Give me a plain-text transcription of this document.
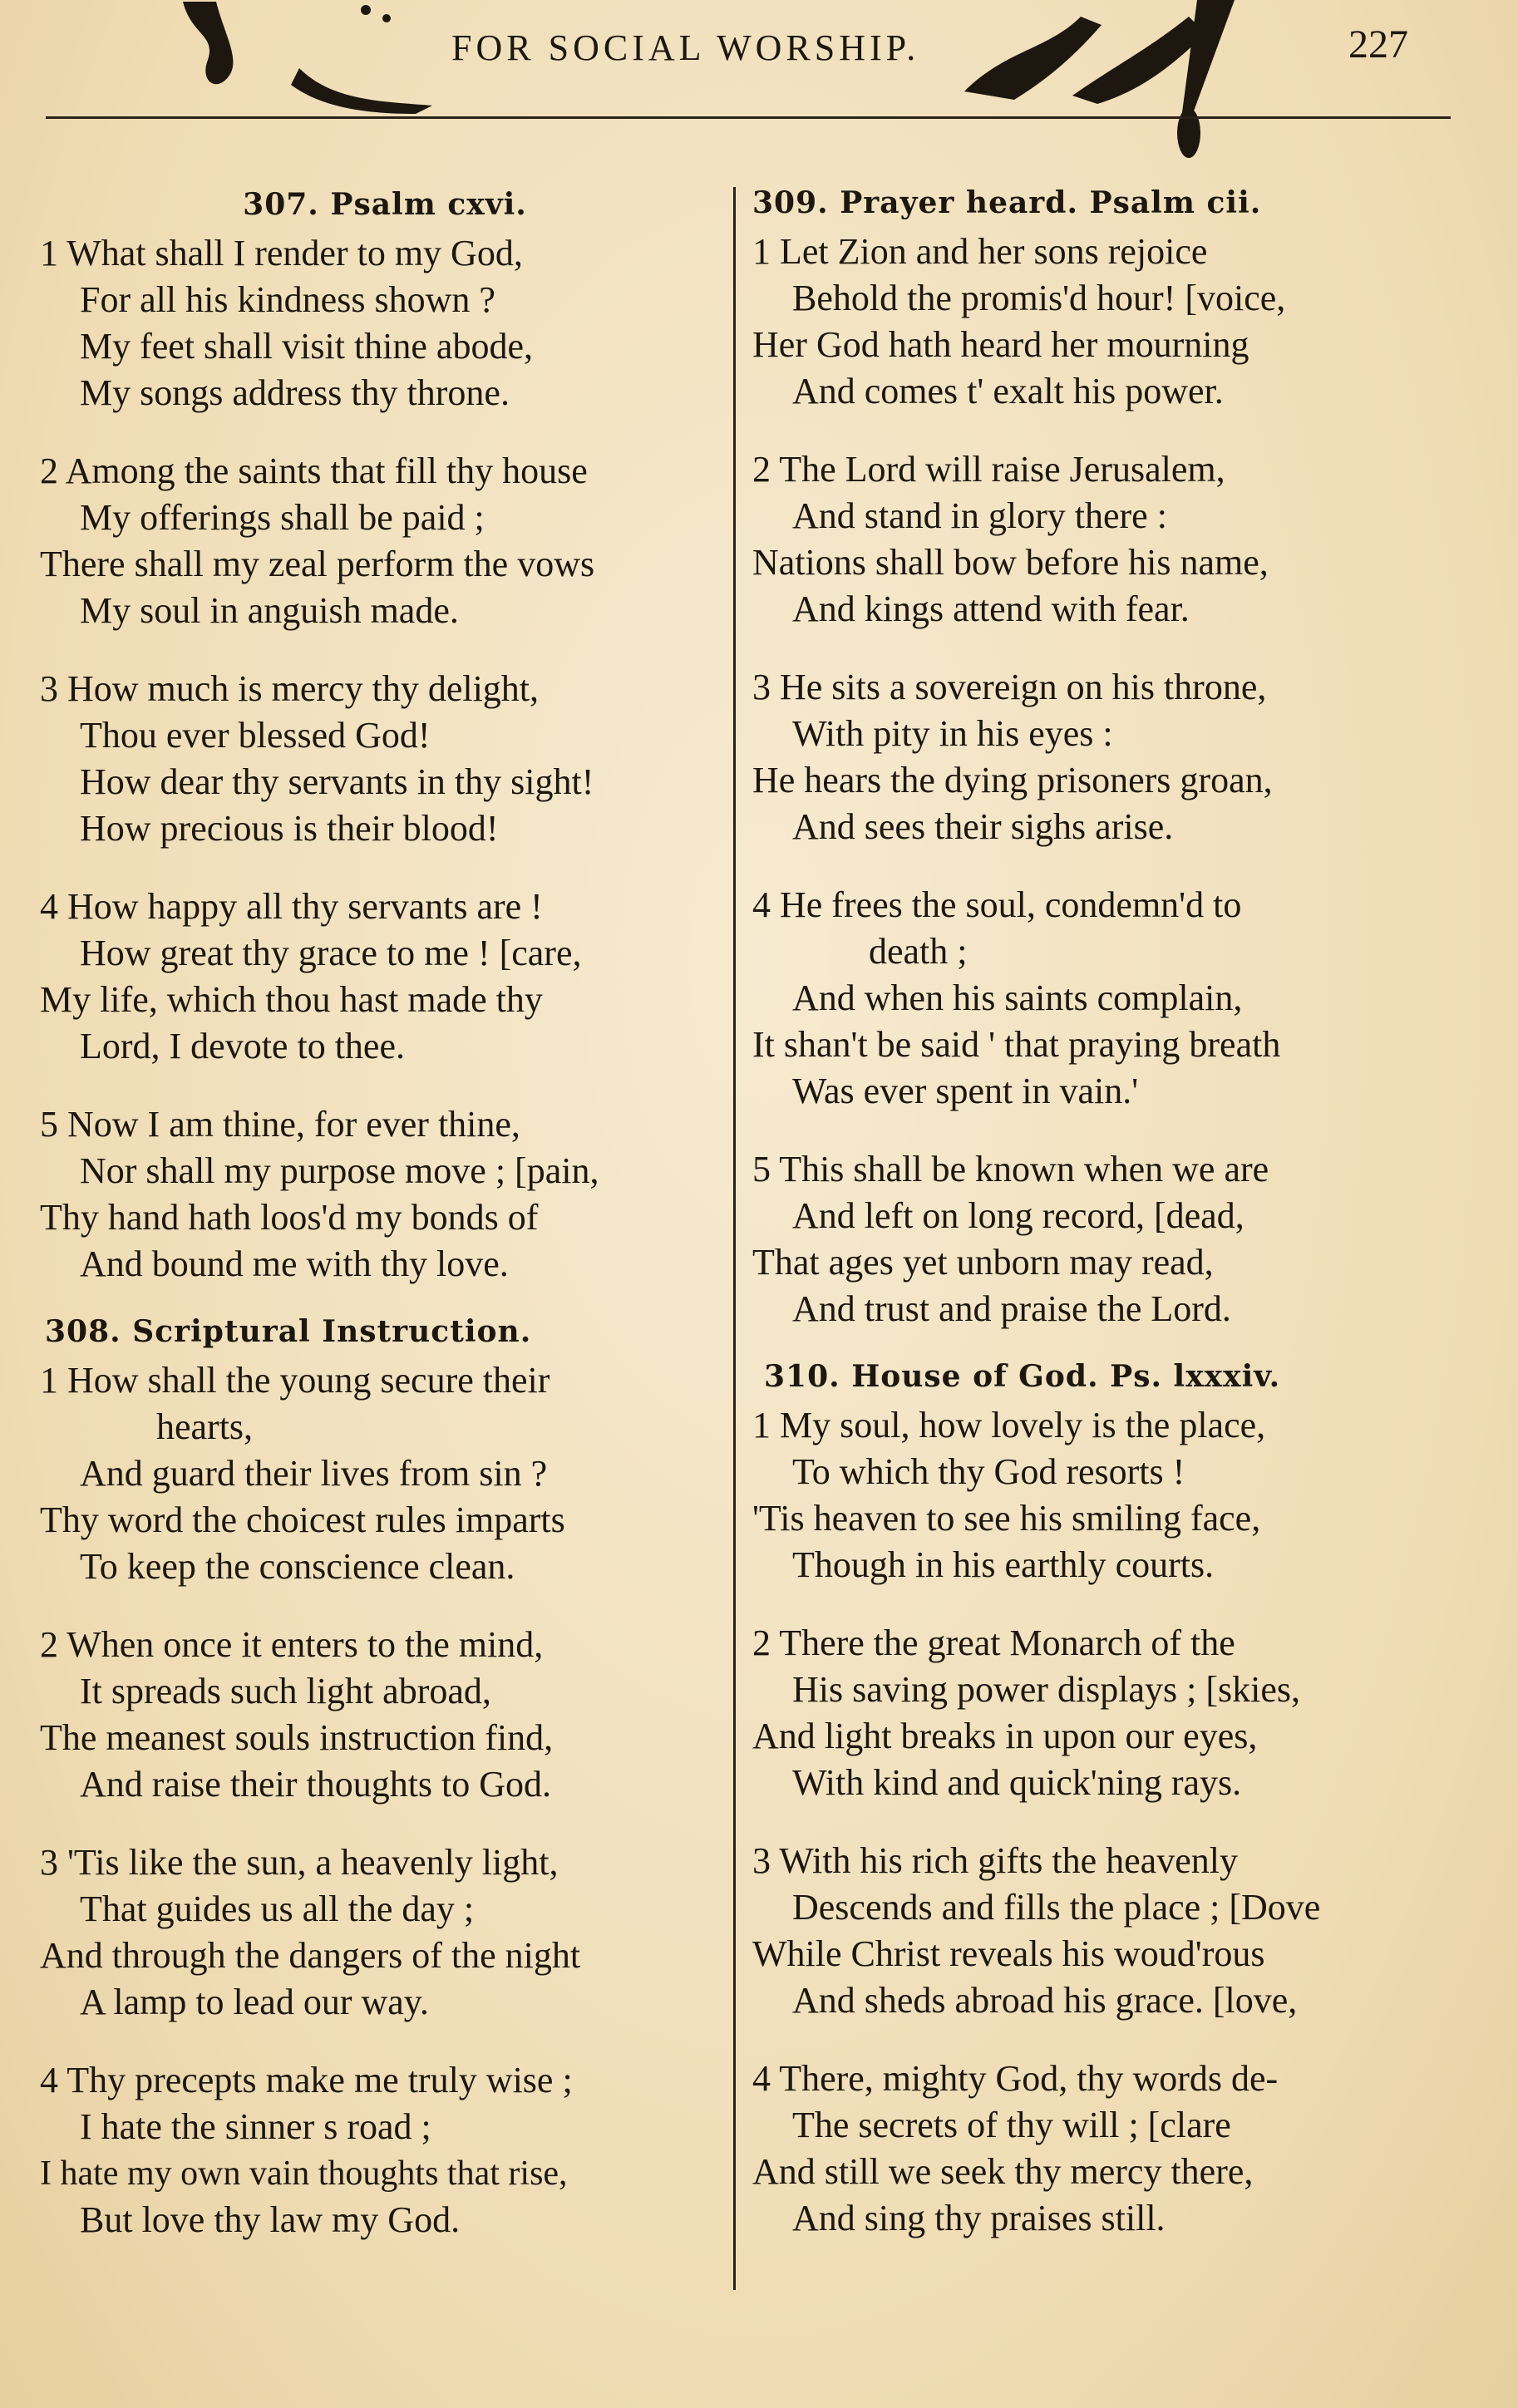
FOR SOCIAL WORSHIP.	227
307. Psalm cxvi.
1 What shall I render to my God,
For all his kindness shown ?
My feet shall visit thine abode,
My songs address thy throne.
2 Among the saints that fill thy house
My offerings shall be paid ;
There shall my zeal perform the vows
My soul in anguish made.
3 How much is mercy thy delight,
Thou ever blessed God!
How dear thy servants in thy sight!
How precious is their blood!
4 How happy all thy servants are !
How great thy grace to me ! [care,
My life, which thou hast made thy
Lord, I devote to thee.
5 Now I am thine, for ever thine,
Nor shall my purpose move ; [pain,
Thy hand hath loos'd my bonds of
And bound me with thy love.
308. Scriptural Instruction.
1 How shall the young secure their
hearts,
And guard their lives from sin ?
Thy word the choicest rules imparts
To keep the conscience clean.
2 When once it enters to the mind,
It spreads such light abroad,
The meanest souls instruction find,
And raise their thoughts to God.
3 'Tis like the sun, a heavenly light,
That guides us all the day ;
And through the dangers of the night
A lamp to lead our way.
4 Thy precepts make me truly wise ;
I hate the sinner s road ;
I hate my own vain thoughts that rise,
But love thy law my God.
309. Prayer heard. Psalm cii.
1 Let Zion and her sons rejoice
Behold the promis'd hour! [voice,
Her God hath heard her mourning
And comes t' exalt his power.
2 The Lord will raise Jerusalem,
And stand in glory there :
Nations shall bow before his name,
And kings attend with fear.
3 He sits a sovereign on his throne,
With pity in his eyes :
He hears the dying prisoners groan,
And sees their sighs arise.
4 He frees the soul, condemn'd to
death ;
And when his saints complain,
It shan't be said ' that praying breath
Was ever spent in vain.'
5 This shall be known when we are
And left on long record, [dead,
That ages yet unborn may read,
And trust and praise the Lord.
310. House of God. Ps. lxxxiv.
1 My soul, how lovely is the place,
To which thy God resorts !
'Tis heaven to see his smiling face,
Though in his earthly courts.
2 There the great Monarch of the
His saving power displays ; [skies,
And light breaks in upon our eyes,
With kind and quick'ning rays.
3 With his rich gifts the heavenly
Descends and fills the place ; [Dove
While Christ reveals his woud'rous
And sheds abroad his grace. [love,
4 There, mighty God, thy words de-
The secrets of thy will ; [clare
And still we seek thy mercy there,
And sing thy praises still.
